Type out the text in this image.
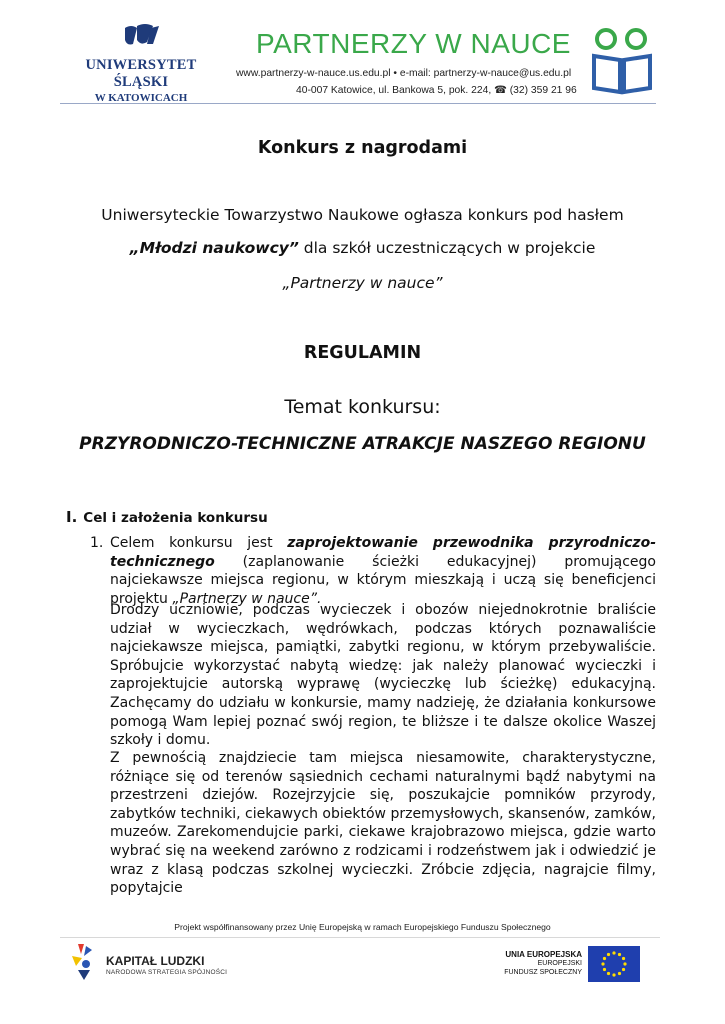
UNIWERSYTET ŚLĄSKI
W KATOWICACH
PARTNERZY W NAUCE
www.partnerzy-w-nauce.us.edu.pl • e-mail: partnerzy-w-nauce@us.edu.pl
40-007 Katowice, ul. Bankowa 5, pok. 224, ☎ (32) 359 21 96
Konkurs z nagrodami
Uniwersyteckie Towarzystwo Naukowe ogłasza konkurs pod hasłem
„Młodzi naukowcy” dla szkół uczestniczących w projekcie
„Partnerzy w nauce”
REGULAMIN
Temat konkursu:
PRZYRODNICZO-TECHNICZNE ATRAKCJE NASZEGO REGIONU
I. Cel i założenia konkursu
1. Celem konkursu jest zaprojektowanie przewodnika przyrodniczo-technicznego (zaplanowanie ścieżki edukacyjnej) promującego najciekawsze miejsca regionu, w którym mieszkają i uczą się beneficjenci projektu „Partnerzy w nauce”.
Drodzy uczniowie, podczas wycieczek i obozów niejednokrotnie braliście udział w wycieczkach, wędrówkach, podczas których poznawaliście najciekawsze miejsca, pamiątki, zabytki regionu, w którym przebywaliście. Spróbujcie wykorzystać nabytą wiedzę: jak należy planować wycieczki i zaprojektujcie autorską wyprawę (wycieczkę lub ścieżkę) edukacyjną. Zachęcamy do udziału w konkursie, mamy nadzieję, że działania konkursowe pomogą Wam lepiej poznać swój region, te bliższe i te dalsze okolice Waszej szkoły i domu.
Z pewnością znajdziecie tam miejsca niesamowite, charakterystyczne, różniące się od terenów sąsiednich cechami naturalnymi bądź nabytymi na przestrzeni dziejów. Rozejrzyjcie się, poszukajcie pomników przyrody, zabytków techniki, ciekawych obiektów przemysłowych, skansenów, zamków, muzeów. Zarekomendujcie parki, ciekawe krajobrazowo miejsca, gdzie warto wybrać się na weekend zarówno z rodzicami i rodzeństwem jak i odwiedzić je wraz z klasą podczas szkolnej wycieczki. Zróbcie zdjęcia, nagrajcie filmy, popytajcie
Projekt współfinansowany przez Unię Europejską w ramach Europejskiego Funduszu Społecznego
KAPITAŁ LUDZKI
NARODOWA STRATEGIA SPÓJNOŚCI
UNIA EUROPEJSKA
EUROPEJSKI
FUNDUSZ SPOŁECZNY
